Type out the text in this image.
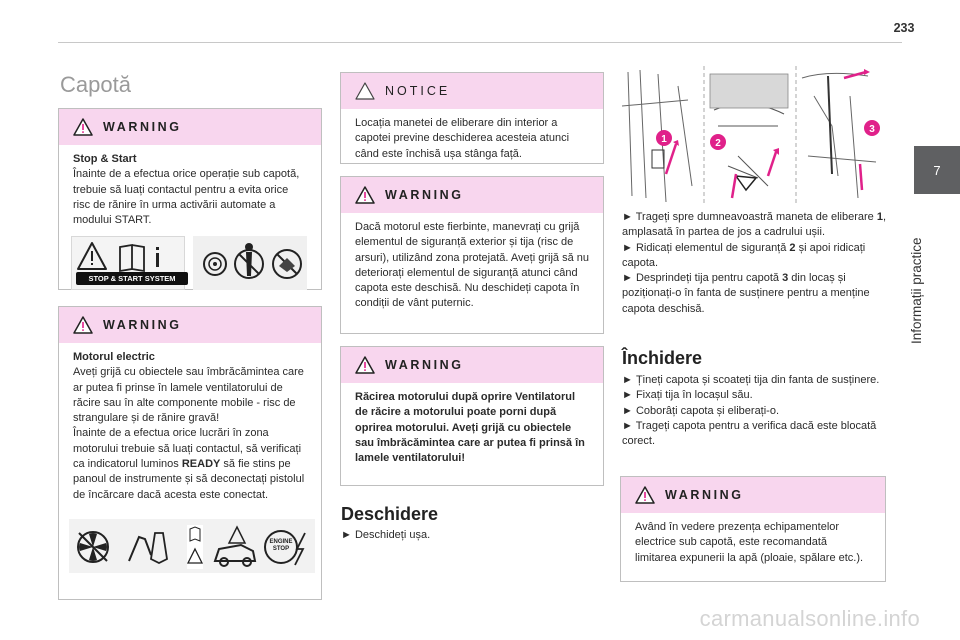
233
7
Informații practice
Capotă
WARNING

Stop & Start

Înainte de a efectua orice operație sub capotă, trebuie să luați contactul pentru a evita orice risc de rănire în urma activării automate a modului START.

STOP & START SYSTEM
WARNING

Motorul electric

Aveți grijă cu obiectele sau îmbrăcămintea care ar putea fi prinse în lamele ventilatorului de răcire sau în alte componente mobile - risc de strangulare și de rănire gravă!

Înainte de a efectua orice lucrări în zona motorului trebuie să luați contactul, să verificați ca indicatorul luminos READY să fie stins pe panoul de instrumente și să deconectați pistolul de încărcare dacă acesta este conectat.

ENGINE STOP
NOTICE

Locația manetei de eliberare din interior a capotei previne deschiderea acesteia atunci când este închisă ușa stânga față.

WARNING

Dacă motorul este fierbinte, manevrați cu grijă elementul de siguranță exterior și tija (risc de arsuri), utilizând zona protejată. Aveți grijă să nu deteriorați elementul de siguranță atunci când capota este deschisă. Nu deschideți capota în condiții de vânt puternic.

WARNING

Răcirea motorului după oprire Ventilatorul de răcire a motorului poate porni după oprirea motorului. Aveți grijă cu obiectele sau îmbrăcămintea care ar putea fi prinsă în lamele ventilatorului!

Deschidere

► Deschideți ușa.

1	2
3

► Trageți spre dumneavoastră maneta de eliberare 1, amplasată în partea de jos a cadrului ușii.

► Ridicați elementul de siguranță 2 și apoi ridicați capota.

► Desprindeți tija pentru capotă 3 din locaș și poziționați-o în fanta de susținere pentru a menține capota deschisă.

Închidere

► Țineți capota și scoateți tija din fanta de susținere.

► Fixați tija în locașul său.

► Coborâți capota și eliberați-o.

► Trageți capota pentru a verifica dacă este blocată corect.

WARNING

Având în vedere prezența echipamentelor electrice sub capotă, este recomandată limitarea expunerii la apă (ploaie, spălare etc.).

carmanualsonline.info
